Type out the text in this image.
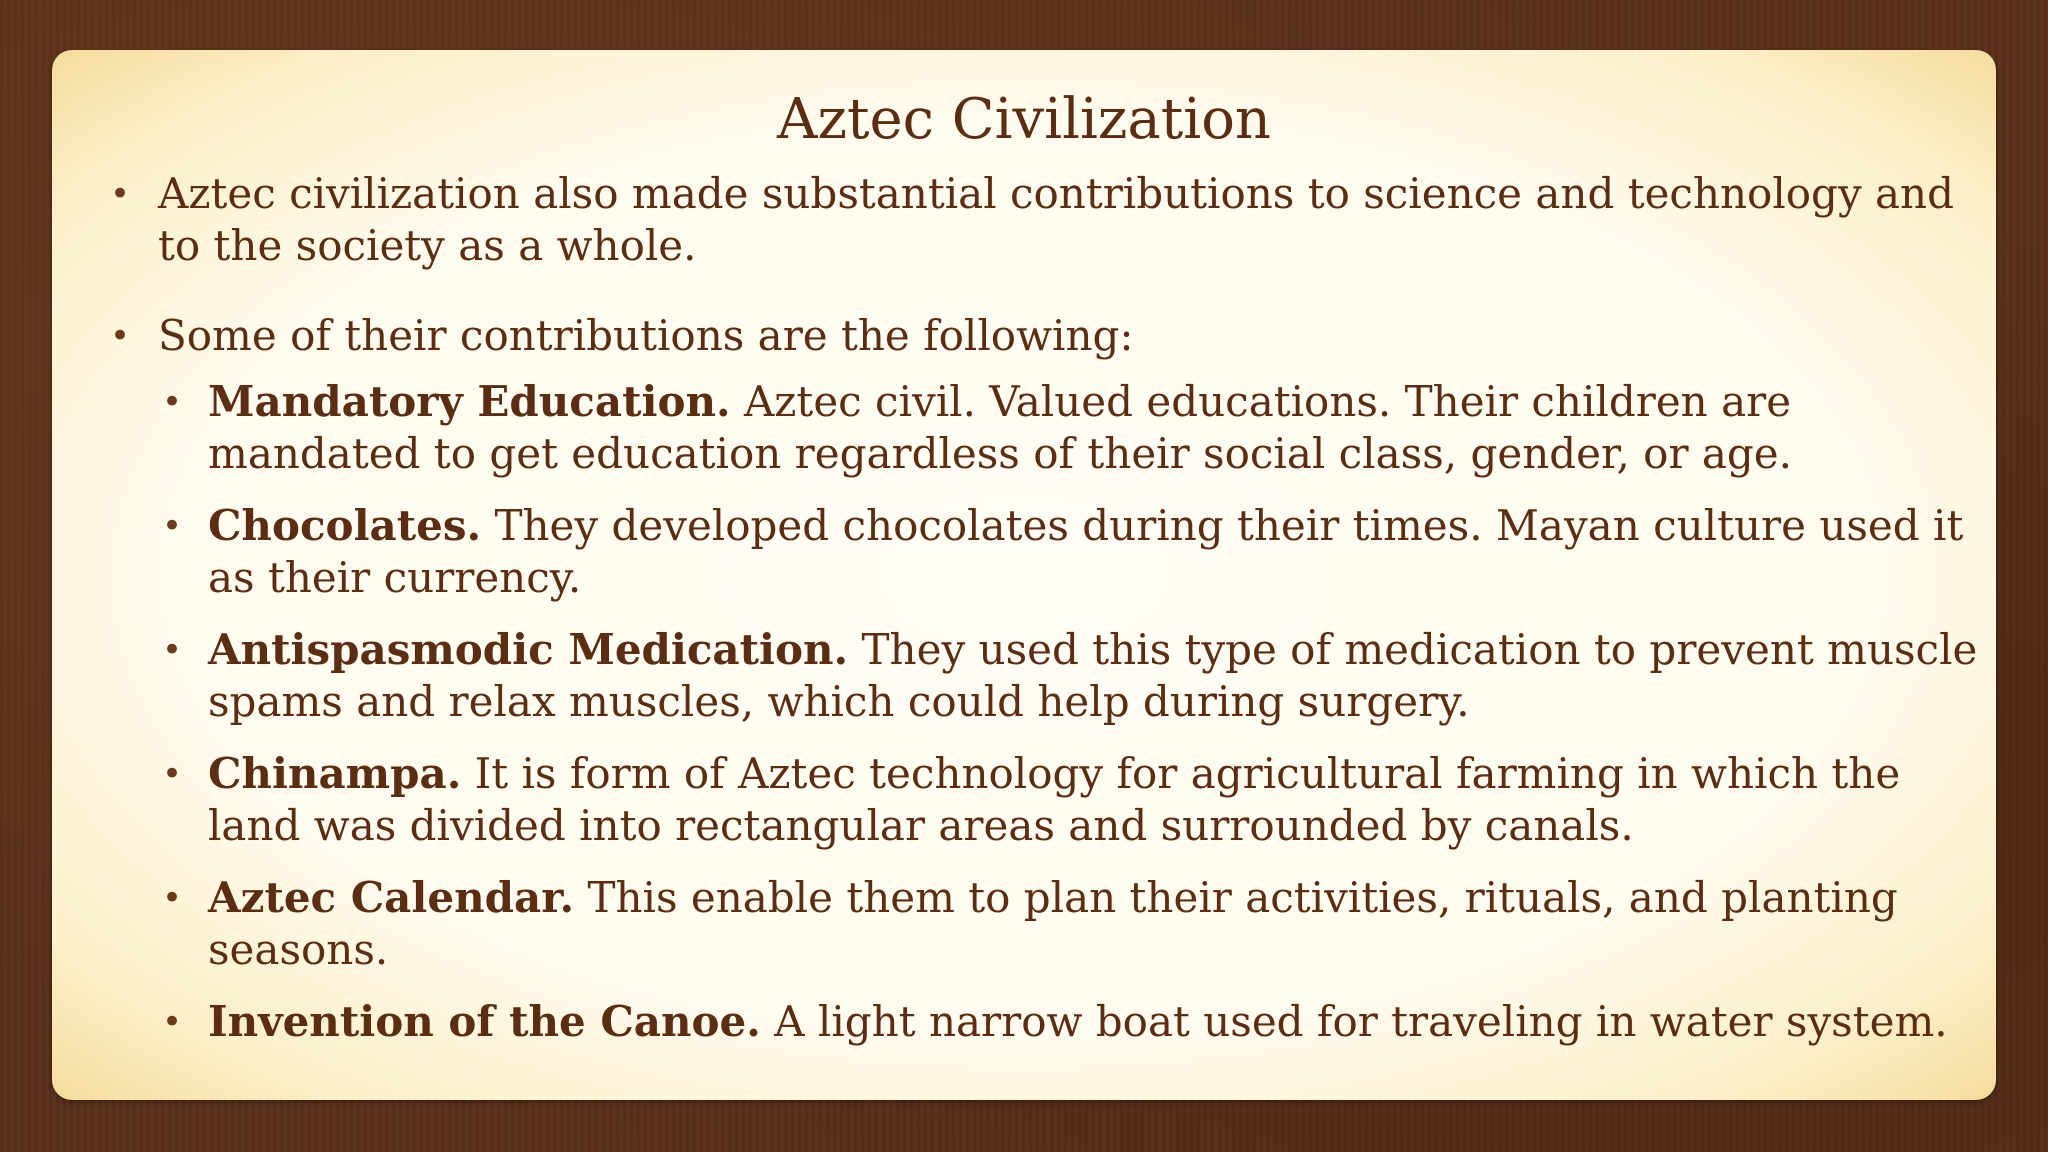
Aztec Civilization
• Aztec civilization also made substantial contributions to science and technology and to the society as a whole.
• Some of their contributions are the following:
• Mandatory Education. Aztec civil. Valued educations. Their children are mandated to get education regardless of their social class, gender, or age.
• Chocolates. They developed chocolates during their times. Mayan culture used it as their currency.
• Antispasmodic Medication. They used this type of medication to prevent muscle spams and relax muscles, which could help during surgery.
• Chinampa. It is form of Aztec technology for agricultural farming in which the land was divided into rectangular areas and surrounded by canals.
• Aztec Calendar. This enable them to plan their activities, rituals, and planting seasons.
• Invention of the Canoe. A light narrow boat used for traveling in water system.
